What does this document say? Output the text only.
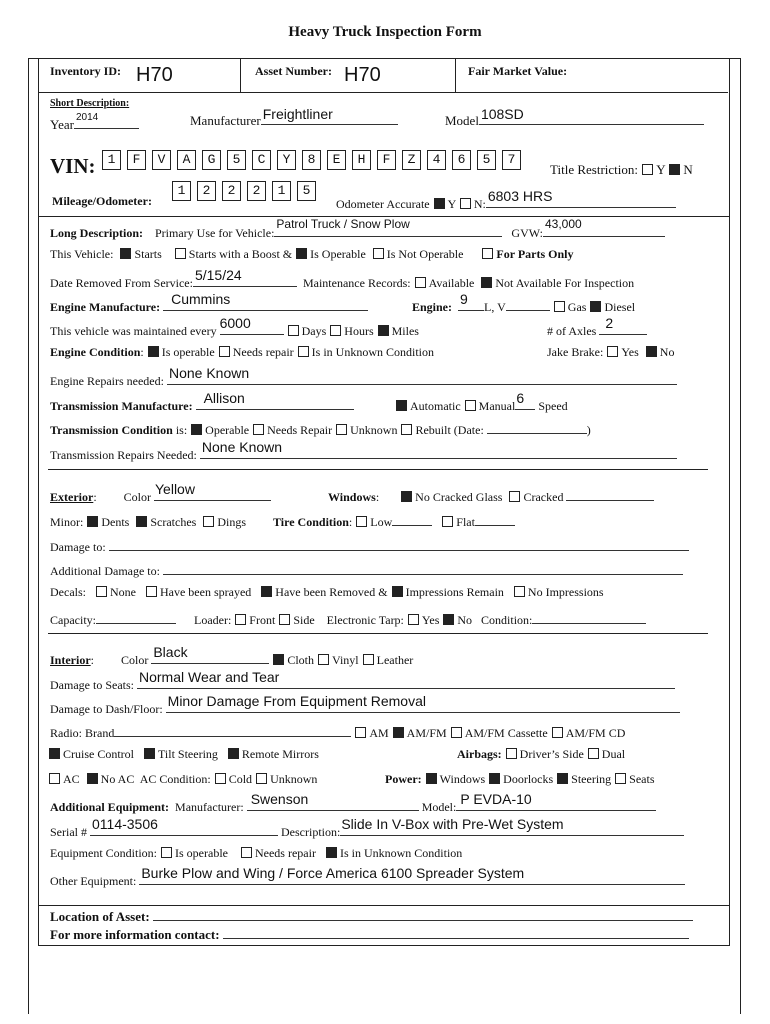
Heavy Truck Inspection Form
Inventory ID: H70	Asset Number: H70	Fair Market Value:
Short Description:
Year 2014	Manufacturer Freightliner	Model 108SD
VIN: 1 F V A G 5 C Y 8 E H F Z 4 6 5 7
Title Restriction: Y N
Mileage/Odometer:
1 2 2 2 1 5
Odometer Accurate Y N: 6803 HRS
Long Description: Primary Use for Vehicle:
Patrol Truck / Snow Plow
GVW:
43,000
This Vehicle: Starts Starts with a Boost & Is Operable Is Not Operable	For Parts Only
Date Removed From Service: 5/15/24	Maintenance Records: Available Not Available For Inspection
Engine Manufacture: Cummins	Engine: 9 L, V	Gas Diesel
This vehicle was maintained every 6000	Days Hours Miles	# of Axles 2
Engine Condition: Is operable Needs repair Is in Unknown Condition	Jake Brake: Yes No
Engine Repairs needed: None Known
Transmission Manufacture: Allison	Automatic Manual 6 Speed
Transmission Condition is: Operable Needs Repair Unknown Rebuilt (Date:	)
Transmission Repairs Needed: None Known
Exterior:         Color Yellow	Windows:       No Cracked Glass Cracked
Minor: Dents Scratches Dings Tire Condition: Low	Flat
Damage to:
Additional Damage to:
Decals: None Have been sprayed Have been Removed & Impressions Remain No Impressions
Capacity:	Loader: Front Side Electronic Tarp: Yes No Condition:
Interior:         Color Black	Cloth Vinyl Leather
Damage to Seats: Normal Wear and Tear
Damage to Dash/Floor: Minor Damage From Equipment Removal
Radio: Brand	AM AM/FM AM/FM Cassette AM/FM CD
Cruise Control Tilt Steering Remote Mirrors	Airbags: Driver’s Side Dual
AC No AC AC Condition: Cold Unknown	Power: Windows Doorlocks Steering Seats
Additional Equipment: Manufacturer: Swenson	Model: P EVDA-10
Serial # 0114-3506	Description: Slide In V-Box with Pre-Wet System
Equipment Condition: Is operable Needs repair Is in Unknown Condition
Other Equipment: Burke Plow and Wing / Force America 6100 Spreader System
Location of Asset:
For more information contact:
